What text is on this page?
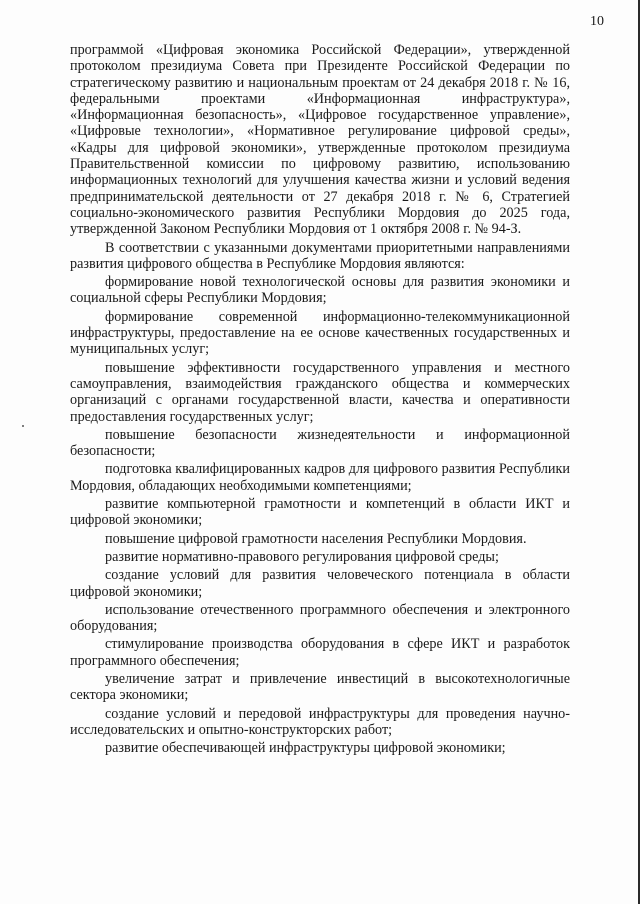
10

программой «Цифровая экономика Российской Федерации», утвержденной протоколом президиума Совета при Президенте Российской Федерации по стратегическому развитию и национальным проектам от 24 декабря 2018 г. № 16, федеральными проектами «Информационная инфраструктура», «Информационная безопасность», «Цифровое государственное управление», «Цифровые технологии», «Нормативное регулирование цифровой среды», «Кадры для цифровой экономики», утвержденные протоколом президиума Правительственной комиссии по цифровому развитию, использованию информационных технологий для улучшения качества жизни и условий ведения предпринимательской деятельности от 27 декабря 2018 г. № 6, Стратегией социально-экономического развития Республики Мордовия до 2025 года, утвержденной Законом Республики Мордовия от 1 октября 2008 г. № 94-З.

В соответствии с указанными документами приоритетными направлениями развития цифрового общества в Республике Мордовия являются:

формирование новой технологической основы для развития экономики и социальной сферы Республики Мордовия;

формирование современной информационно-телекоммуникационной инфраструктуры, предоставление на ее основе качественных государственных и муниципальных услуг;

повышение эффективности государственного управления и местного самоуправления, взаимодействия гражданского общества и коммерческих организаций с органами государственной власти, качества и оперативности предоставления государственных услуг;

повышение безопасности жизнедеятельности и информационной безопасности;

подготовка квалифицированных кадров для цифрового развития Республики Мордовия, обладающих необходимыми компетенциями;

развитие компьютерной грамотности и компетенций в области ИКТ и цифровой экономики;

повышение цифровой грамотности населения Республики Мордовия.

развитие нормативно-правового регулирования цифровой среды;

создание условий для развития человеческого потенциала в области цифровой экономики;

использование отечественного программного обеспечения и электронного оборудования;

стимулирование производства оборудования в сфере ИКТ и разработок программного обеспечения;

увеличение затрат и привлечение инвестиций в высокотехнологичные сектора экономики;

создание условий и передовой инфраструктуры для проведения научно-исследовательских и опытно-конструкторских работ;

развитие обеспечивающей инфраструктуры цифровой экономики;
